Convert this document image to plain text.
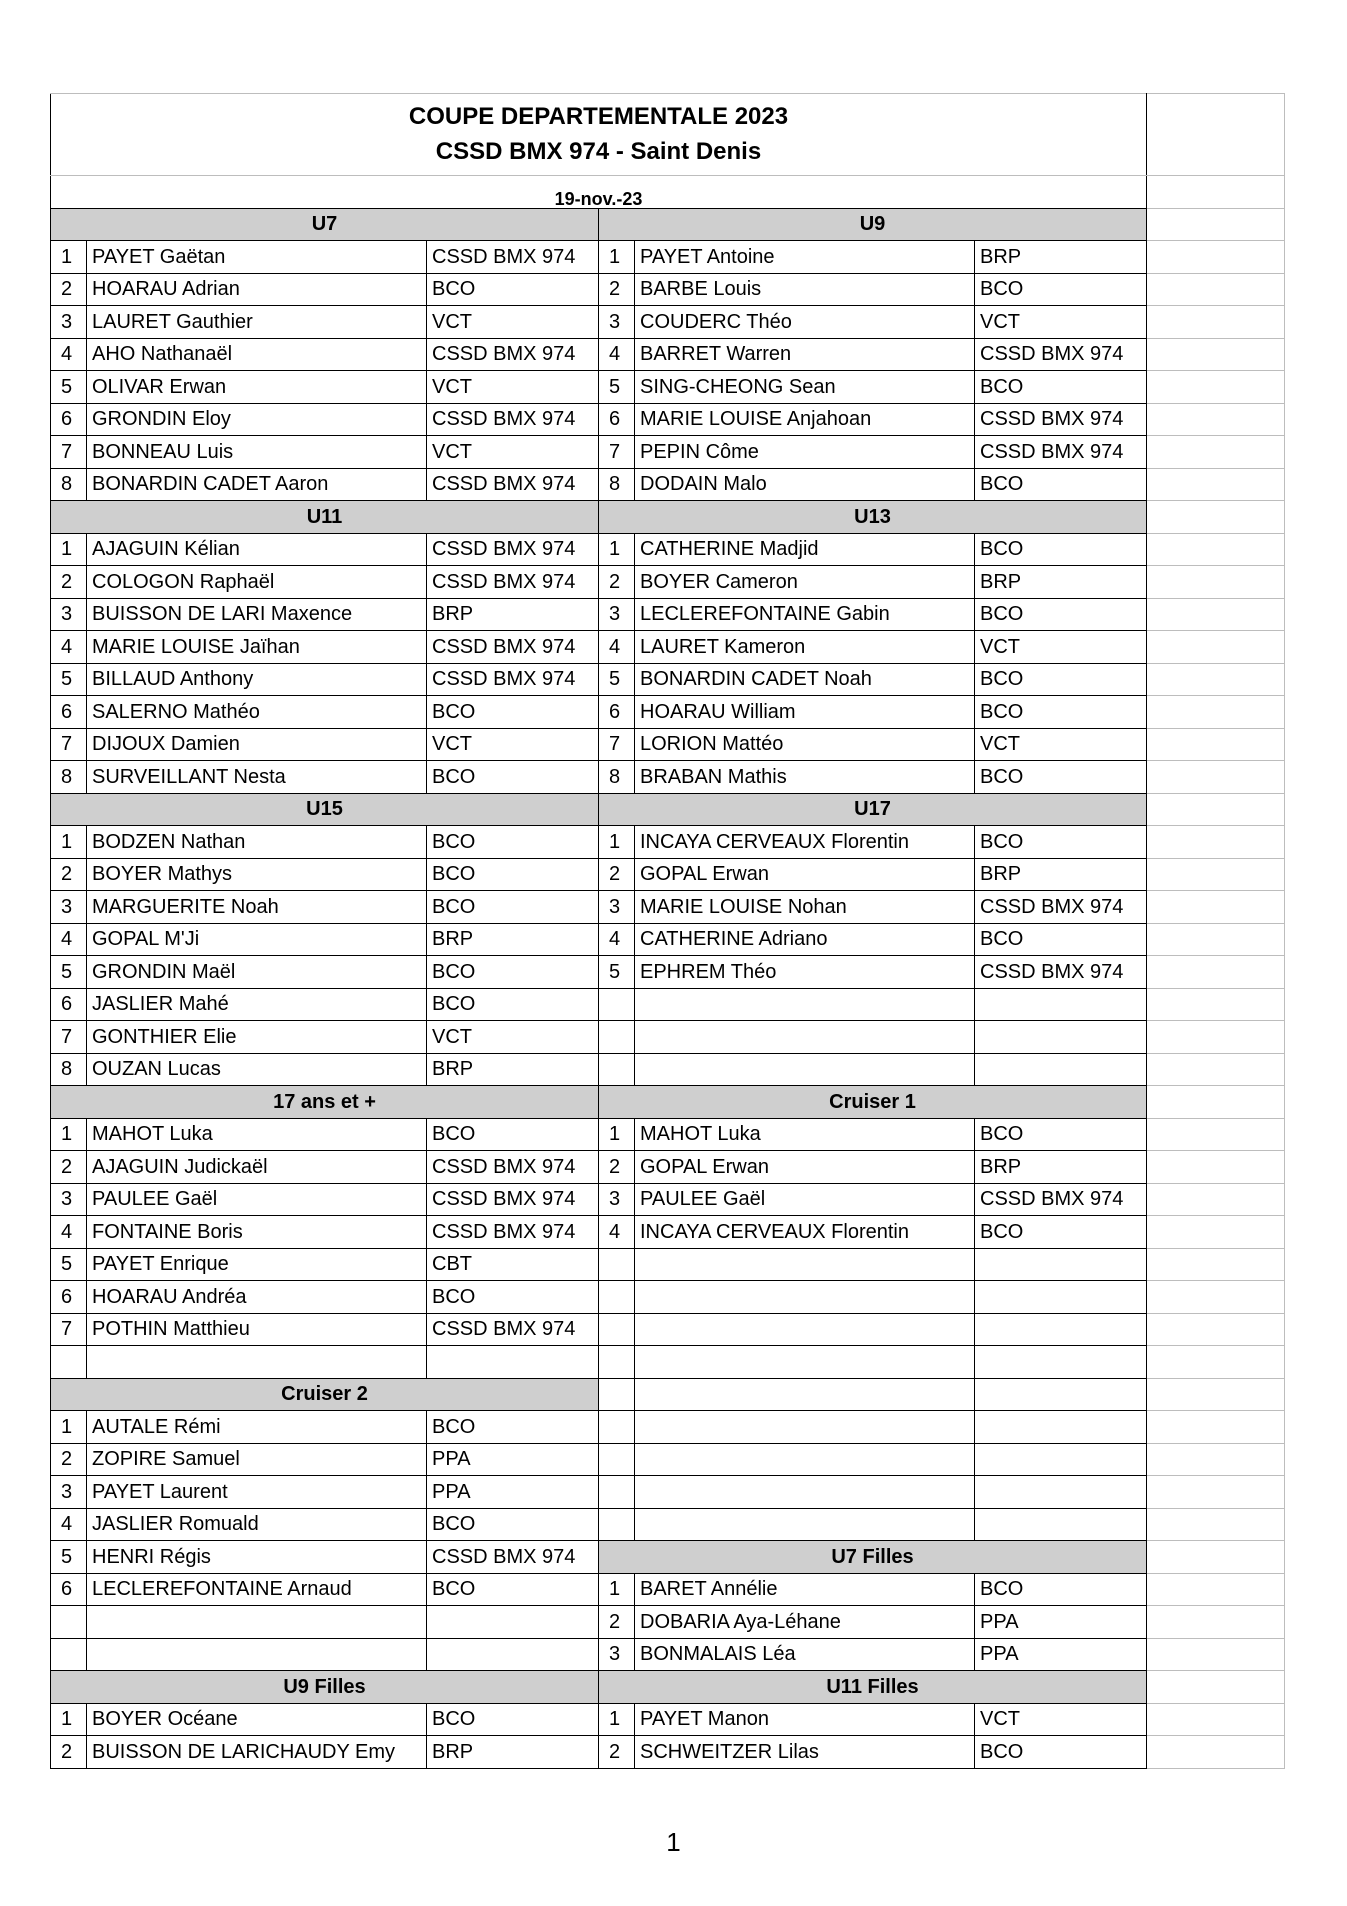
COUPE DEPARTEMENTALE 2023
CSSD BMX 974 - Saint Denis						

19-nov.-23						
U7			U9			
1	PAYET Gaëtan	CSSD BMX 974	1	PAYET Antoine	BRP	
2	HOARAU Adrian	BCO	2	BARBE Louis	BCO	
3	LAURET Gauthier	VCT	3	COUDERC Théo	VCT	
4	AHO Nathanaël	CSSD BMX 974	4	BARRET Warren	CSSD BMX 974	
5	OLIVAR Erwan	VCT	5	SING-CHEONG Sean	BCO	
6	GRONDIN Eloy	CSSD BMX 974	6	MARIE LOUISE Anjahoan	CSSD BMX 974	
7	BONNEAU Luis	VCT	7	PEPIN Côme	CSSD BMX 974	
8	BONARDIN CADET Aaron	CSSD BMX 974	8	DODAIN Malo	BCO	
U11			U13			
1	AJAGUIN Kélian	CSSD BMX 974	1	CATHERINE Madjid	BCO	
2	COLOGON Raphaël	CSSD BMX 974	2	BOYER Cameron	BRP	
3	BUISSON DE LARI Maxence	BRP	3	LECLEREFONTAINE Gabin	BCO	
4	MARIE LOUISE Jaïhan	CSSD BMX 974	4	LAURET Kameron	VCT	
5	BILLAUD Anthony	CSSD BMX 974	5	BONARDIN CADET Noah	BCO	
6	SALERNO Mathéo	BCO	6	HOARAU William	BCO	
7	DIJOUX Damien	VCT	7	LORION Mattéo	VCT	
8	SURVEILLANT Nesta	BCO	8	BRABAN Mathis	BCO	
U15			U17			
1	BODZEN Nathan	BCO	1	INCAYA CERVEAUX Florentin	BCO	
2	BOYER Mathys	BCO	2	GOPAL Erwan	BRP	
3	MARGUERITE Noah	BCO	3	MARIE LOUISE Nohan	CSSD BMX 974	
4	GOPAL M'Ji	BRP	4	CATHERINE Adriano	BCO	
5	GRONDIN Maël	BCO	5	EPHREM Théo	CSSD BMX 974	
6	JASLIER Mahé	BCO				
7	GONTHIER Elie	VCT				
8	OUZAN Lucas	BRP				
17 ans et +			Cruiser 1			
1	MAHOT Luka	BCO	1	MAHOT Luka	BCO	
2	AJAGUIN Judickaël	CSSD BMX 974	2	GOPAL Erwan	BRP	
3	PAULEE Gaël	CSSD BMX 974	3	PAULEE Gaël	CSSD BMX 974	
4	FONTAINE Boris	CSSD BMX 974	4	INCAYA CERVEAUX Florentin	BCO	
5	PAYET Enrique	CBT				
6	HOARAU Andréa	BCO				
7	POTHIN Matthieu	CSSD BMX 974				

Cruiser 2						
1	AUTALE Rémi	BCO				
2	ZOPIRE Samuel	PPA				
3	PAYET Laurent	PPA				
4	JASLIER Romuald	BCO				
5	HENRI Régis	CSSD BMX 974	U7 Filles			
6	LECLEREFONTAINE Arnaud	BCO	1	BARET Annélie	BCO	
			2	DOBARIA Aya-Léhane	PPA	
			3	BONMALAIS Léa	PPA	
U9 Filles			U11 Filles			
1	BOYER Océane	BCO	1	PAYET Manon	VCT	
2	BUISSON DE LARICHAUDY Emy	BRP	2	SCHWEITZER Lilas	BCO	
1
